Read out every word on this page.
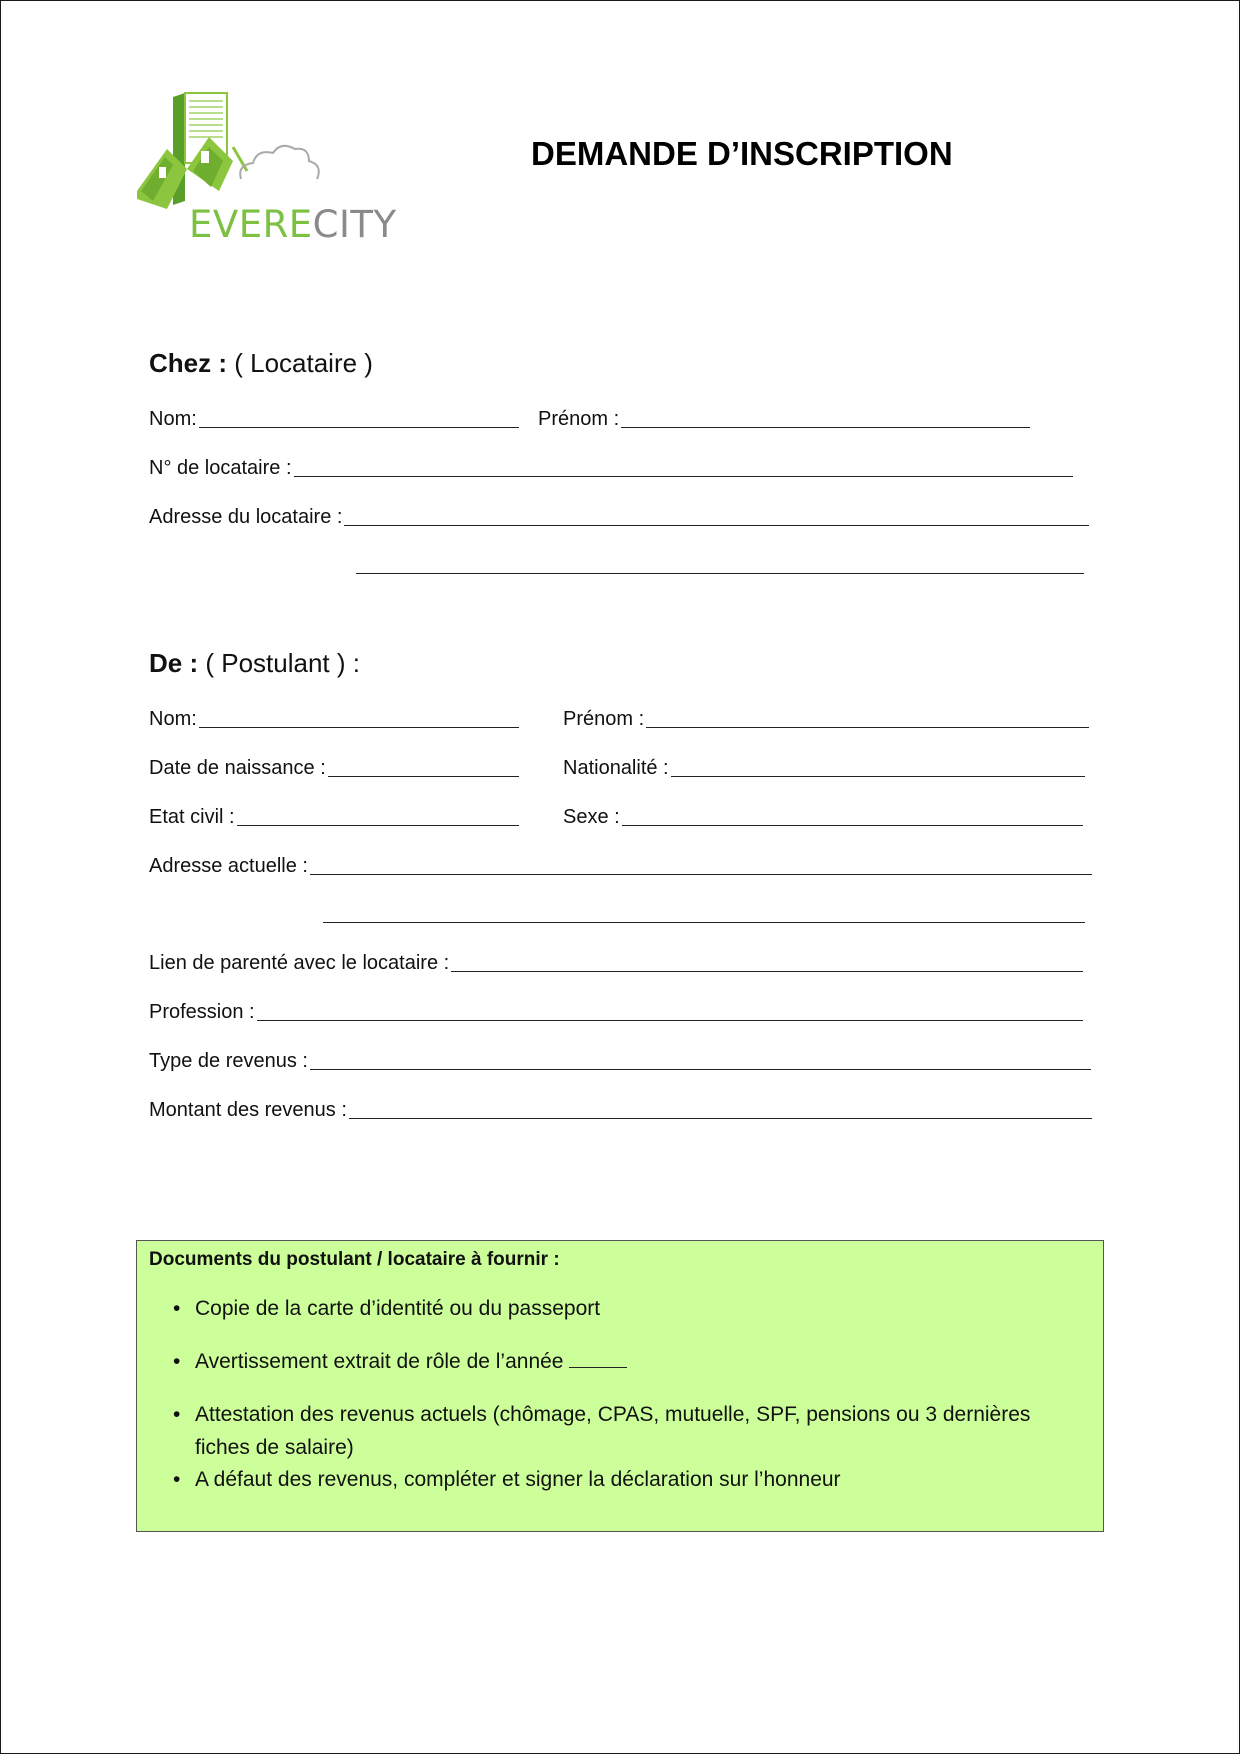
EVERECITY
DEMANDE D’INSCRIPTION
Chez : ( Locataire )
Nom:	Prénom :
N° de locataire :
Adresse du locataire :
De : ( Postulant ) :
Nom:	Prénom :
Date de naissance :	Nationalité :
Etat civil :	Sexe :
Adresse actuelle :
Lien de parenté avec le locataire :
Profession :
Type de revenus :
Montant des revenus :
Documents du postulant / locataire à fournir :
• Copie de la carte d’identité ou du passeport
• Avertissement extrait de rôle de l’année
• Attestation des revenus actuels (chômage, CPAS, mutuelle, SPF, pensions ou 3 dernières fiches de salaire)
• A défaut des revenus, compléter et signer la déclaration sur l’honneur
